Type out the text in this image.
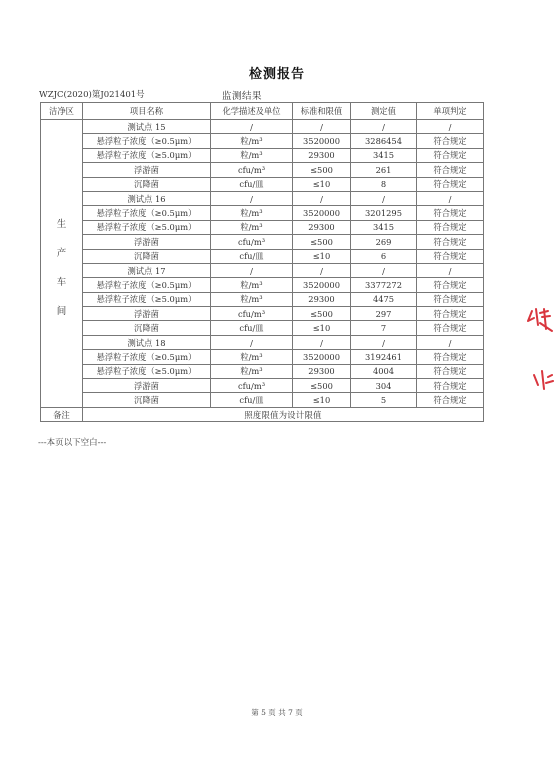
检测报告
WZJC(2020)第J021401号	监测结果
洁净区	项目名称	化学描述及单位	标准和限值	测定值	单项判定

生
产
车
间	测试点 15	/	/	/	/
	悬浮粒子浓度（≥0.5μm）	粒/m³	3520000	3286454	符合规定
	悬浮粒子浓度（≥5.0μm）	粒/m³	29300	3415	符合规定
	浮游菌	cfu/m³	≤500	261	符合规定
	沉降菌	cfu/皿	≤10	8	符合规定
	测试点 16	/	/	/	/
	悬浮粒子浓度（≥0.5μm）	粒/m³	3520000	3201295	符合规定
	悬浮粒子浓度（≥5.0μm）	粒/m³	29300	3415	符合规定
	浮游菌	cfu/m³	≤500	269	符合规定
	沉降菌	cfu/皿	≤10	6	符合规定
	测试点 17	/	/	/	/
	悬浮粒子浓度（≥0.5μm）	粒/m³	3520000	3377272	符合规定
	悬浮粒子浓度（≥5.0μm）	粒/m³	29300	4475	符合规定
	浮游菌	cfu/m³	≤500	297	符合规定
	沉降菌	cfu/皿	≤10	7	符合规定
	测试点 18	/	/	/	/
	悬浮粒子浓度（≥0.5μm）	粒/m³	3520000	3192461	符合规定
	悬浮粒子浓度（≥5.0μm）	粒/m³	29300	4004	符合规定
	浮游菌	cfu/m³	≤500	304	符合规定
	沉降菌	cfu/皿	≤10	5	符合规定
备注	照度限值为设计限值				
---本页以下空白---
第 5 页 共 7 页
